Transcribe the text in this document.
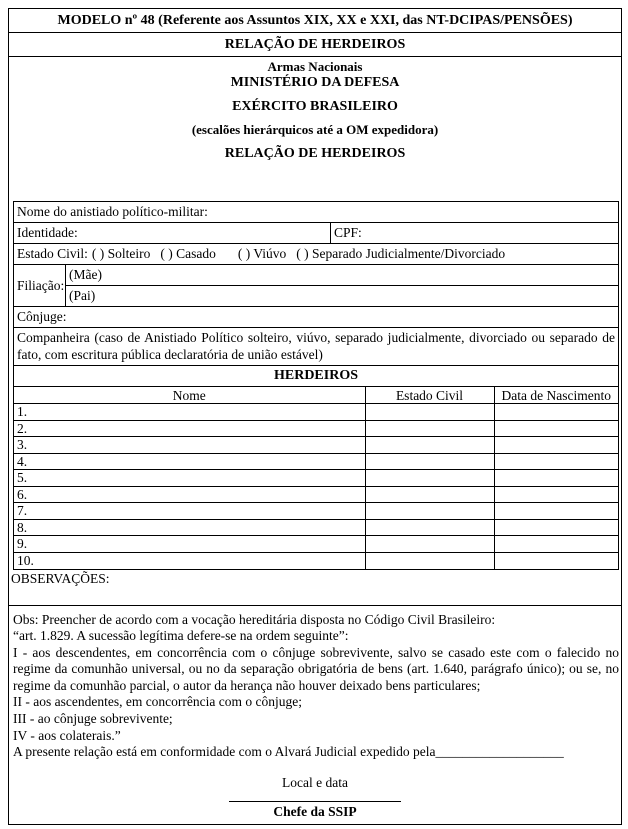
MODELO nº 48 (Referente aos Assuntos XIX, XX e XXI, das NT-DCIPAS/PENSÕES)
RELAÇÃO DE HERDEIROS
Armas Nacionais
MINISTÉRIO DA DEFESA
EXÉRCITO BRASILEIRO
(escalões hierárquicos até a OM expedidora)
RELAÇÃO DE HERDEIROS
Nome do anistiado político-militar:
Identidade:	CPF:
Estado Civil: ( ) Solteiro ( ) Casado ( ) Viúvo ( ) Separado Judicialmente/Divorciado
Filiação:
(Mãe)
(Pai)
Cônjuge:
Companheira (caso de Anistiado Político solteiro, viúvo, separado judicialmente, divorciado ou separado de fato, com escritura pública declaratória de união estável)
HERDEIROS
Nome	Estado Civil	Data de Nascimento
1.		
2.		
3.		
4.		
5.		
6.		
7.		
8.		
9.		
10.		
OBSERVAÇÕES:
Obs: Preencher de acordo com a vocação hereditária disposta no Código Civil Brasileiro:
“art. 1.829. A sucessão legítima defere-se na ordem seguinte”:
I - aos descendentes, em concorrência com o cônjuge sobrevivente, salvo se casado este com o falecido no regime da comunhão universal, ou no da separação obrigatória de bens (art. 1.640, parágrafo único); ou se, no regime da comunhão parcial, o autor da herança não houver deixado bens particulares;
II - aos ascendentes, em concorrência com o cônjuge;
III - ao cônjuge sobrevivente;
IV - aos colaterais.”
A presente relação está em conformidade com o Alvará Judicial expedido pela___________________
Local e data
Chefe da SSIP
